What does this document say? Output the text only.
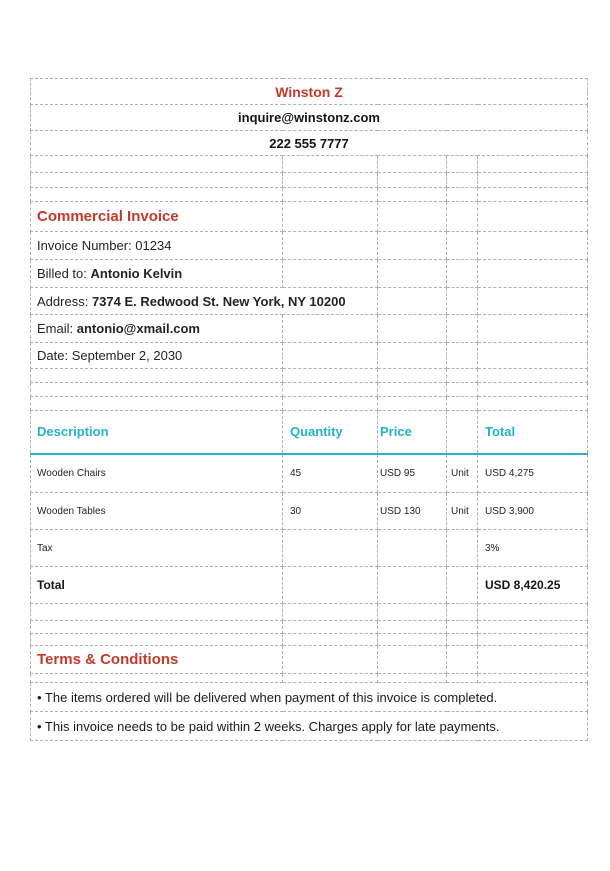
Winston Z				
inquire@winstonz.com				
222 555 7777				

Commercial Invoice				
Invoice Number: 01234				
Billed to: Antonio Kelvin				
Address: 7374 E. Redwood St. New York, NY 10200				
Email: antonio@xmail.com				
Date: September 2, 2030				

Description	Quantity	Price		Total
Wooden Chairs	45	USD 95	Unit	USD 4,275
Wooden Tables	30	USD 130	Unit	USD 3,900
Tax				3%
Total				USD 8,420.25

Terms & Conditions				

• The items ordered will be delivered when payment of this invoice is completed.				
• This invoice needs to be paid within 2 weeks. Charges apply for late payments.				
